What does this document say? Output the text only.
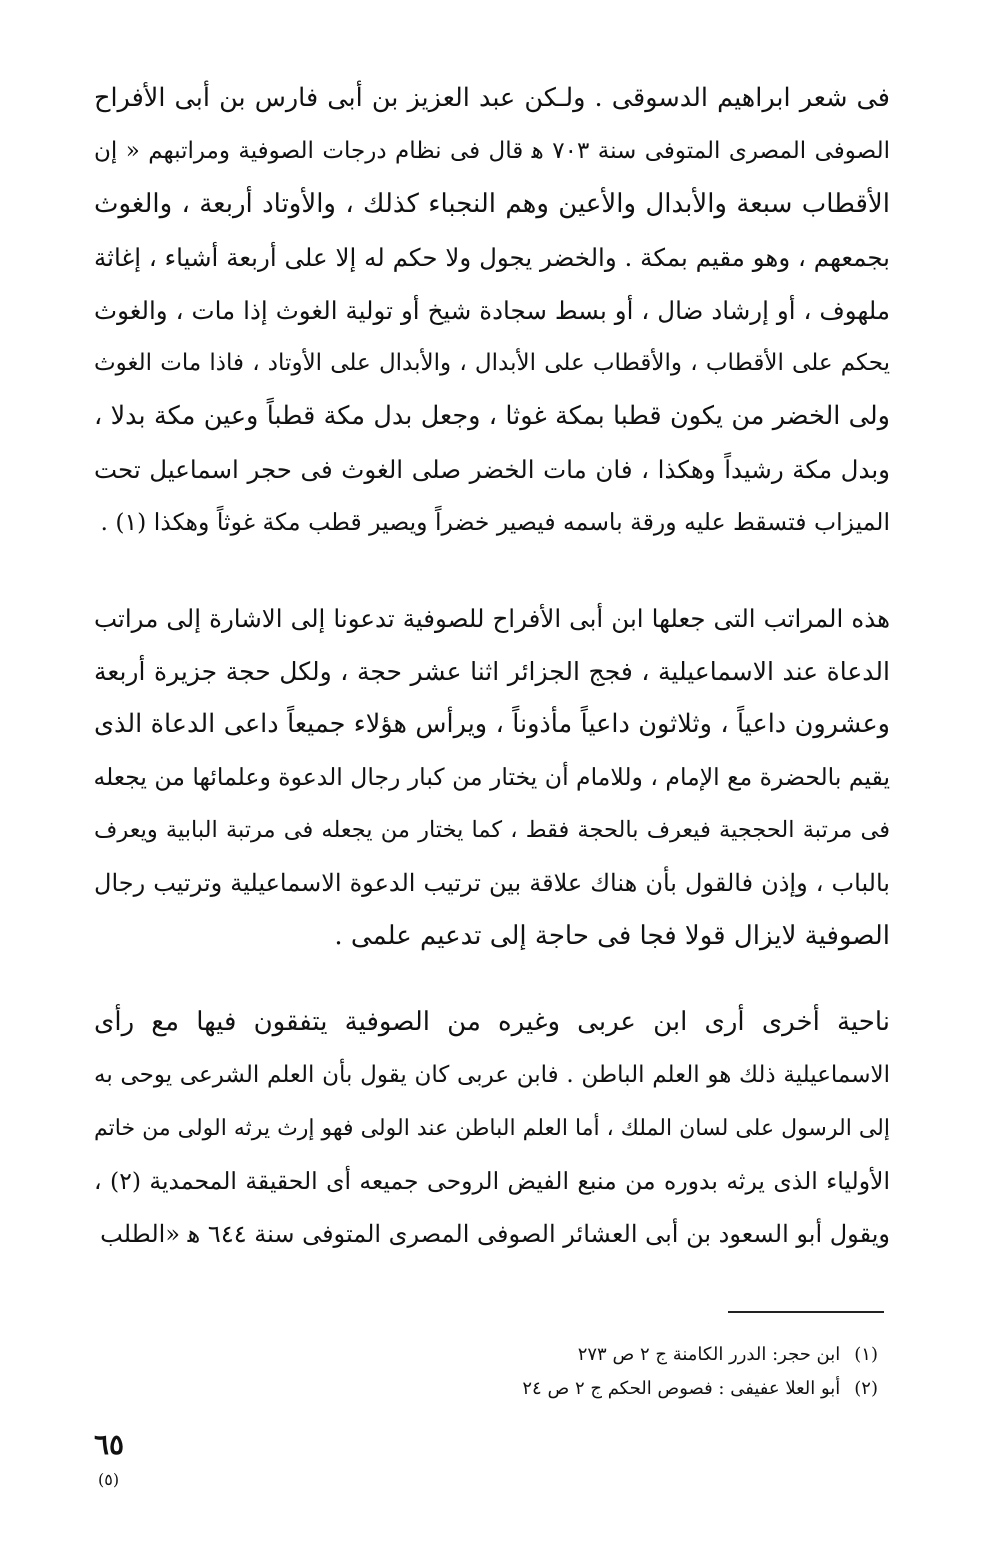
فى شعر ابراهيم الدسوقى . ولـكن عبد العزيز بن أبى فارس بن أبى الأفراح
الصوفى المصرى المتوفى سنة ٧٠٣ ﻫ قال فى نظام درجات الصوفية ومراتبهم « إن
الأقطاب سبعة والأبدال والأعين وهم النجباء كذلك ، والأوتاد أربعة ، والغوث
بجمعهم ، وهو مقيم بمكة . والخضر يجول ولا حكم له إلا على أربعة أشياء ، إغاثة
ملهوف ، أو إرشاد ضال ، أو بسط سجادة شيخ أو تولية الغوث إذا مات ، والغوث
يحكم على الأقطاب ، والأقطاب على الأبدال ، والأبدال على الأوتاد ، فاذا مات الغوث
ولى الخضر من يكون قطبا بمكة غوثا ، وجعل بدل مكة قطباً وعين مكة بدلا ،
وبدل مكة رشيداً وهكذا ، فان مات الخضر صلى الغوث فى حجر اسماعيل تحت
الميزاب فتسقط عليه ورقة باسمه فيصير خضراً ويصير قطب مكة غوثاً وهكذا (١) .
هذه المراتب التى جعلها ابن أبى الأفراح للصوفية تدعونا إلى الاشارة إلى مراتب
الدعاة عند الاسماعيلية ، فجج الجزائر اثنا عشر حجة ، ولكل حجة جزيرة أربعة
وعشرون داعياً ، وثلاثون داعياً مأذوناً ، ويرأس هؤلاء جميعاً داعى الدعاة الذى
يقيم بالحضرة مع الإمام ، وللامام أن يختار من كبار رجال الدعوة وعلمائها من يجعله
فى مرتبة الحججية فيعرف بالحجة فقط ، كما يختار من يجعله فى مرتبة البابية ويعرف
بالباب ، وإذن فالقول بأن هناك علاقة بين ترتيب الدعوة الاسماعيلية وترتيب رجال
الصوفية لايزال قولا فجا فى حاجة إلى تدعيم علمى .
ناحية أخرى أرى ابن عربى وغيره من الصوفية يتفقون فيها مع رأى
الاسماعيلية ذلك هو العلم الباطن . فابن عربى كان يقول بأن العلم الشرعى يوحى به
إلى الرسول على لسان الملك ، أما العلم الباطن عند الولى فهو إرث يرثه الولى من خاتم
الأولياء الذى يرثه بدوره من منبع الفيض الروحى جميعه أى الحقيقة المحمدية (٢) ،
ويقول أبو السعود بن أبى العشائر الصوفى المصرى المتوفى سنة ٦٤٤ ﻫ «الطلب
(١)ابن حجر: الدرر الكامنة ج ٢ ص ٢٧٣
(٢)أبو العلا عفيفى : فصوص الحكم ج ٢ ص ٢٤
٦٥
(٥)
